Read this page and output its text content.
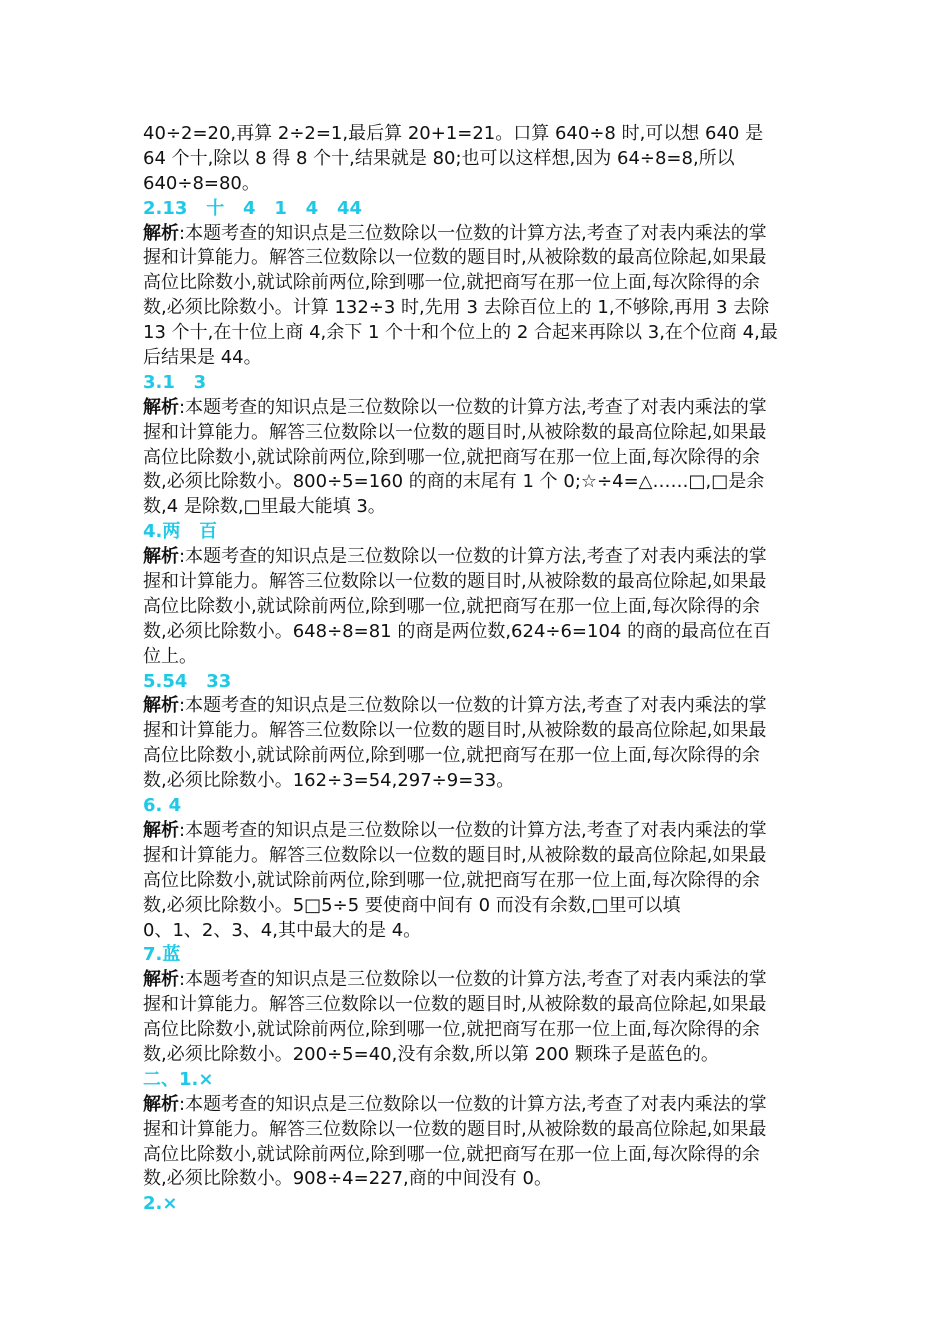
40÷2=20,再算 2÷2=1,最后算 20+1=21。口算 640÷8 时,可以想 640 是
64 个十,除以 8 得 8 个十,结果就是 80;也可以这样想,因为 64÷8=8,所以
640÷8=80。
2.13   十   4   1   4   44
解析:本题考查的知识点是三位数除以一位数的计算方法,考查了对表内乘法的掌
握和计算能力。解答三位数除以一位数的题目时,从被除数的最高位除起,如果最
高位比除数小,就试除前两位,除到哪一位,就把商写在那一位上面,每次除得的余
数,必须比除数小。计算 132÷3 时,先用 3 去除百位上的 1,不够除,再用 3 去除
13 个十,在十位上商 4,余下 1 个十和个位上的 2 合起来再除以 3,在个位商 4,最
后结果是 44。
3.1   3
解析:本题考查的知识点是三位数除以一位数的计算方法,考查了对表内乘法的掌
握和计算能力。解答三位数除以一位数的题目时,从被除数的最高位除起,如果最
高位比除数小,就试除前两位,除到哪一位,就把商写在那一位上面,每次除得的余
数,必须比除数小。800÷5=160 的商的末尾有 1 个 0;☆÷4=△……□,□是余
数,4 是除数,□里最大能填 3。
4.两   百
解析:本题考查的知识点是三位数除以一位数的计算方法,考查了对表内乘法的掌
握和计算能力。解答三位数除以一位数的题目时,从被除数的最高位除起,如果最
高位比除数小,就试除前两位,除到哪一位,就把商写在那一位上面,每次除得的余
数,必须比除数小。648÷8=81 的商是两位数,624÷6=104 的商的最高位在百
位上。
5.54   33
解析:本题考查的知识点是三位数除以一位数的计算方法,考查了对表内乘法的掌
握和计算能力。解答三位数除以一位数的题目时,从被除数的最高位除起,如果最
高位比除数小,就试除前两位,除到哪一位,就把商写在那一位上面,每次除得的余
数,必须比除数小。162÷3=54,297÷9=33。
6. 4
解析:本题考查的知识点是三位数除以一位数的计算方法,考查了对表内乘法的掌
握和计算能力。解答三位数除以一位数的题目时,从被除数的最高位除起,如果最
高位比除数小,就试除前两位,除到哪一位,就把商写在那一位上面,每次除得的余
数,必须比除数小。5□5÷5 要使商中间有 0 而没有余数,□里可以填
0、1、2、3、4,其中最大的是 4。
7.蓝
解析:本题考查的知识点是三位数除以一位数的计算方法,考查了对表内乘法的掌
握和计算能力。解答三位数除以一位数的题目时,从被除数的最高位除起,如果最
高位比除数小,就试除前两位,除到哪一位,就把商写在那一位上面,每次除得的余
数,必须比除数小。200÷5=40,没有余数,所以第 200 颗珠子是蓝色的。
二、1.×
解析:本题考查的知识点是三位数除以一位数的计算方法,考查了对表内乘法的掌
握和计算能力。解答三位数除以一位数的题目时,从被除数的最高位除起,如果最
高位比除数小,就试除前两位,除到哪一位,就把商写在那一位上面,每次除得的余
数,必须比除数小。908÷4=227,商的中间没有 0。
2.×
